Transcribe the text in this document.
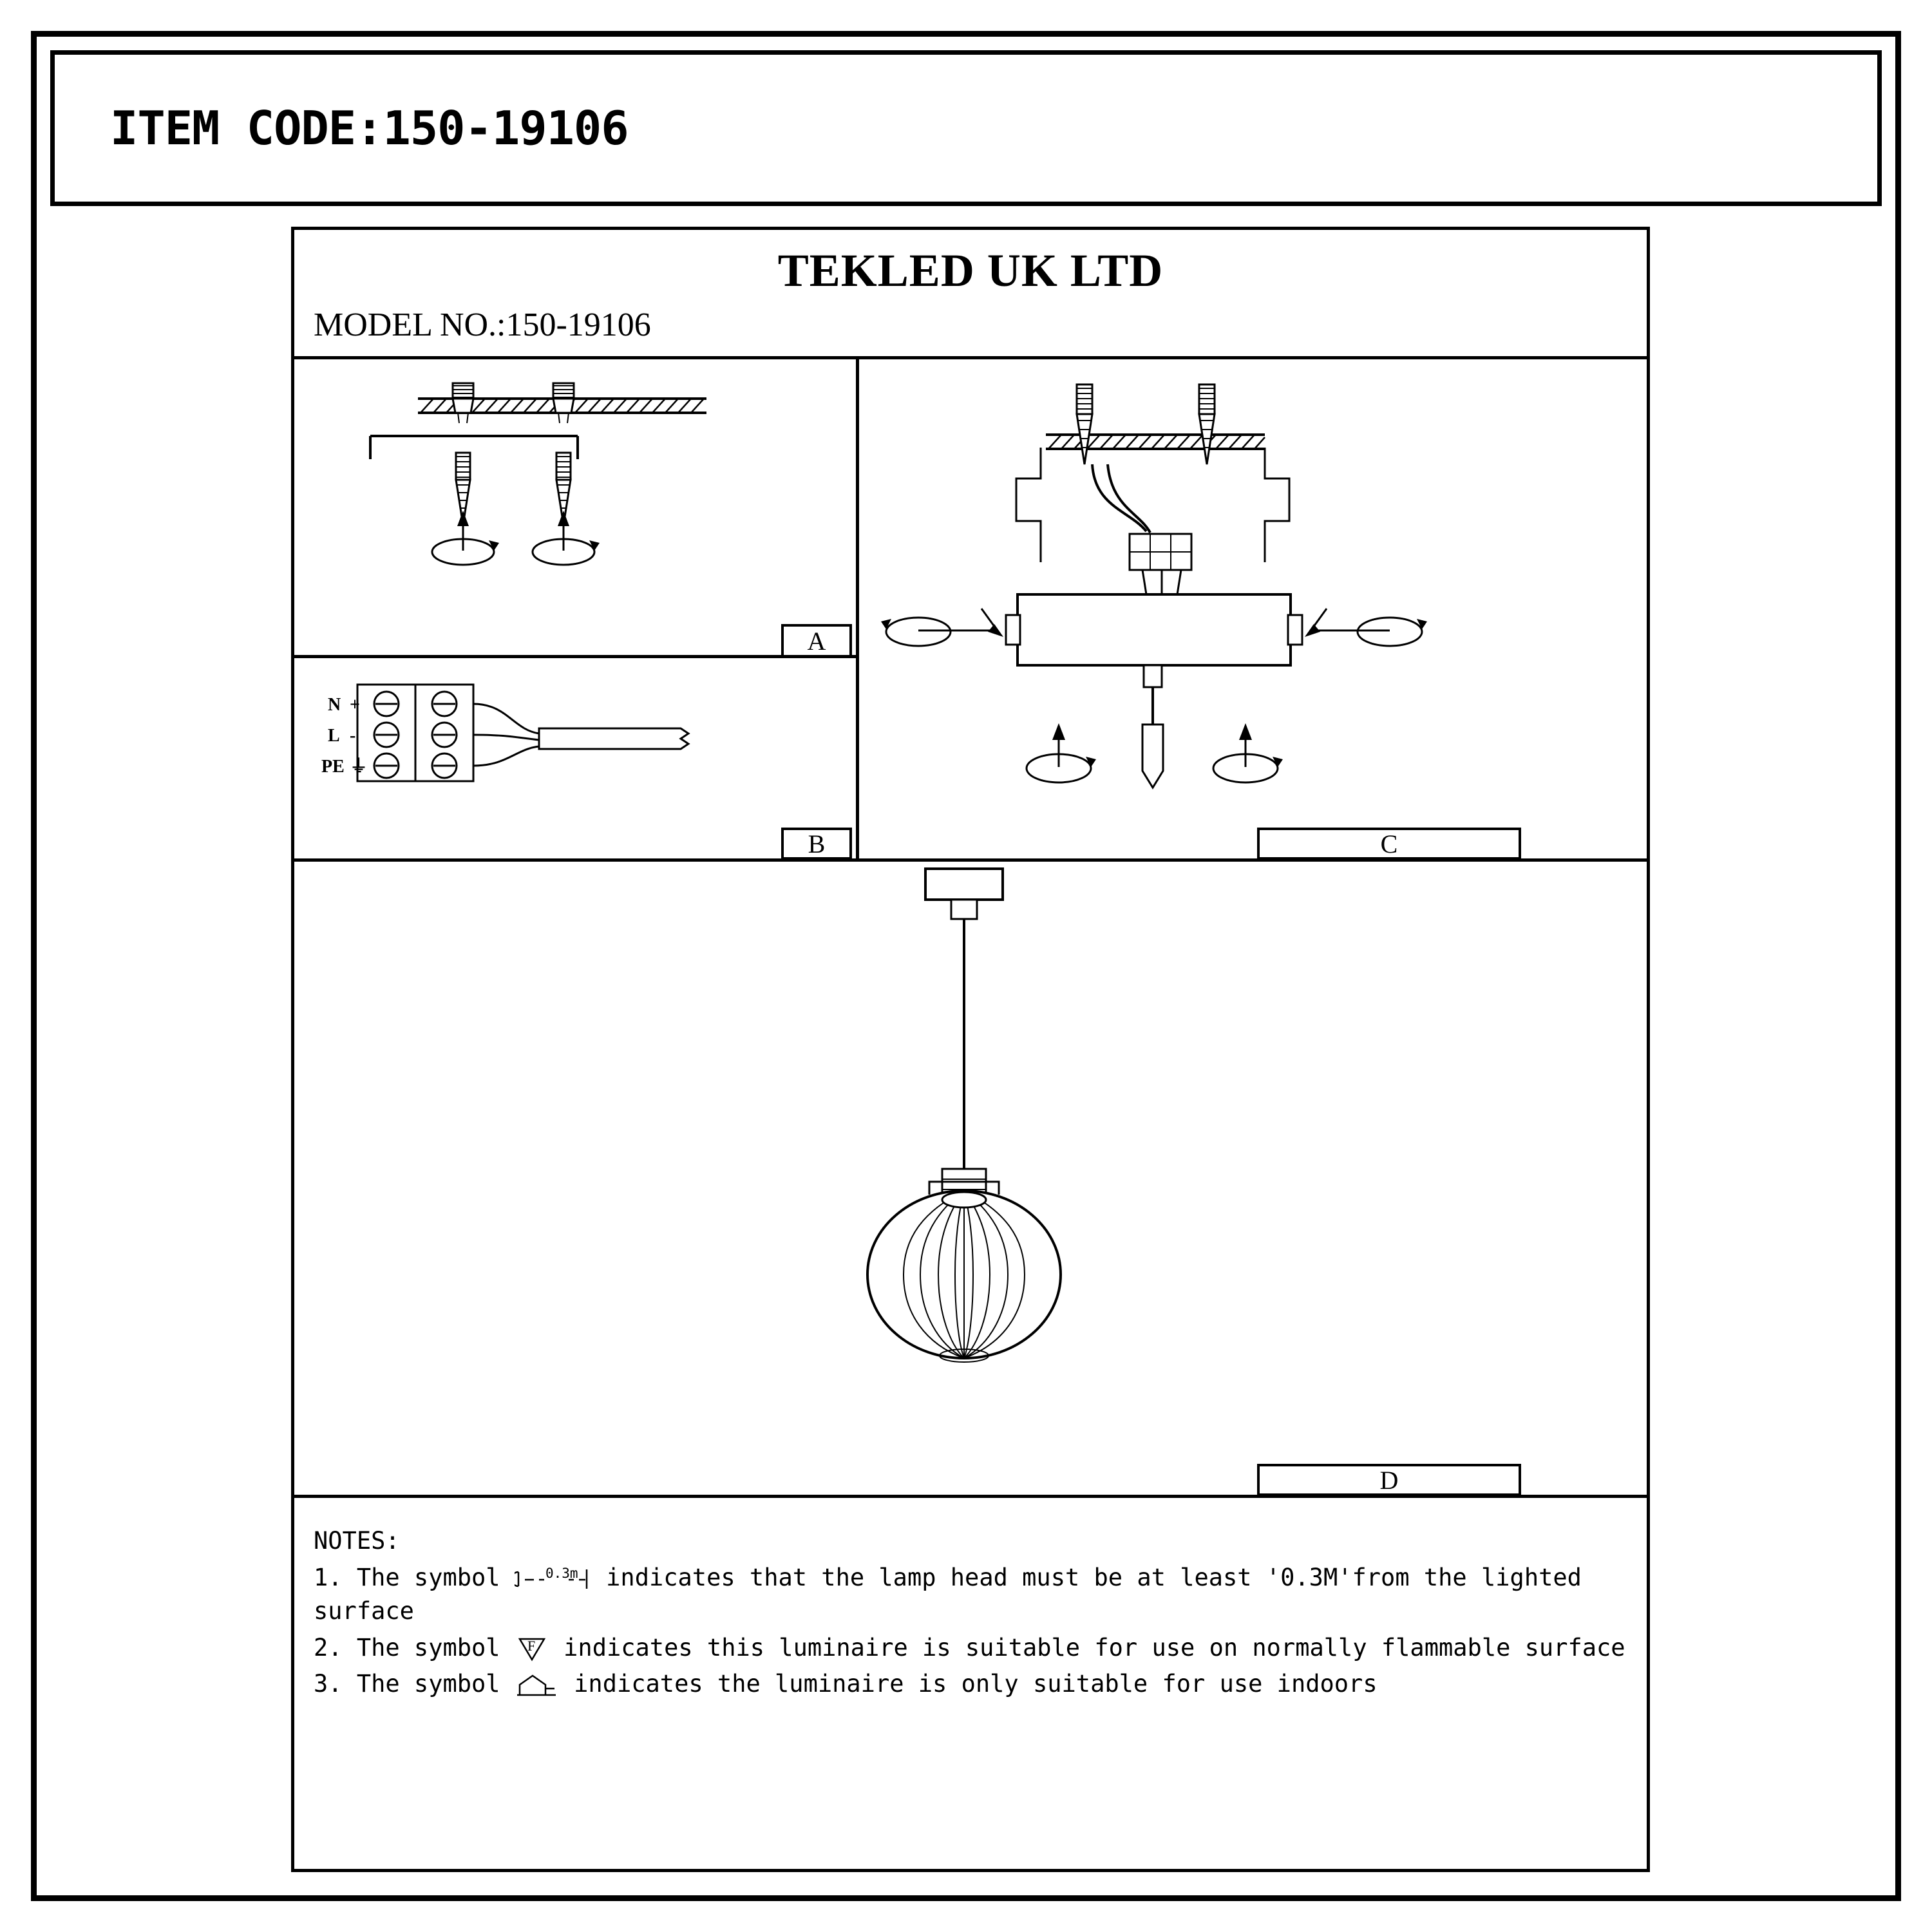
ITEM CODE:150-19106
TEKLED UK LTD
MODEL NO.:150-19106
A
N
L
PE
+
-
⏚
B	C
D
NOTES:
1. The symbol	0.3m indicates that the lamp head must be at least '0.3M'from the lighted surface
2. The symbol F indicates this luminaire is suitable for use on normally flammable surface
3. The symbol	indicates the luminaire is only suitable for use indoors
